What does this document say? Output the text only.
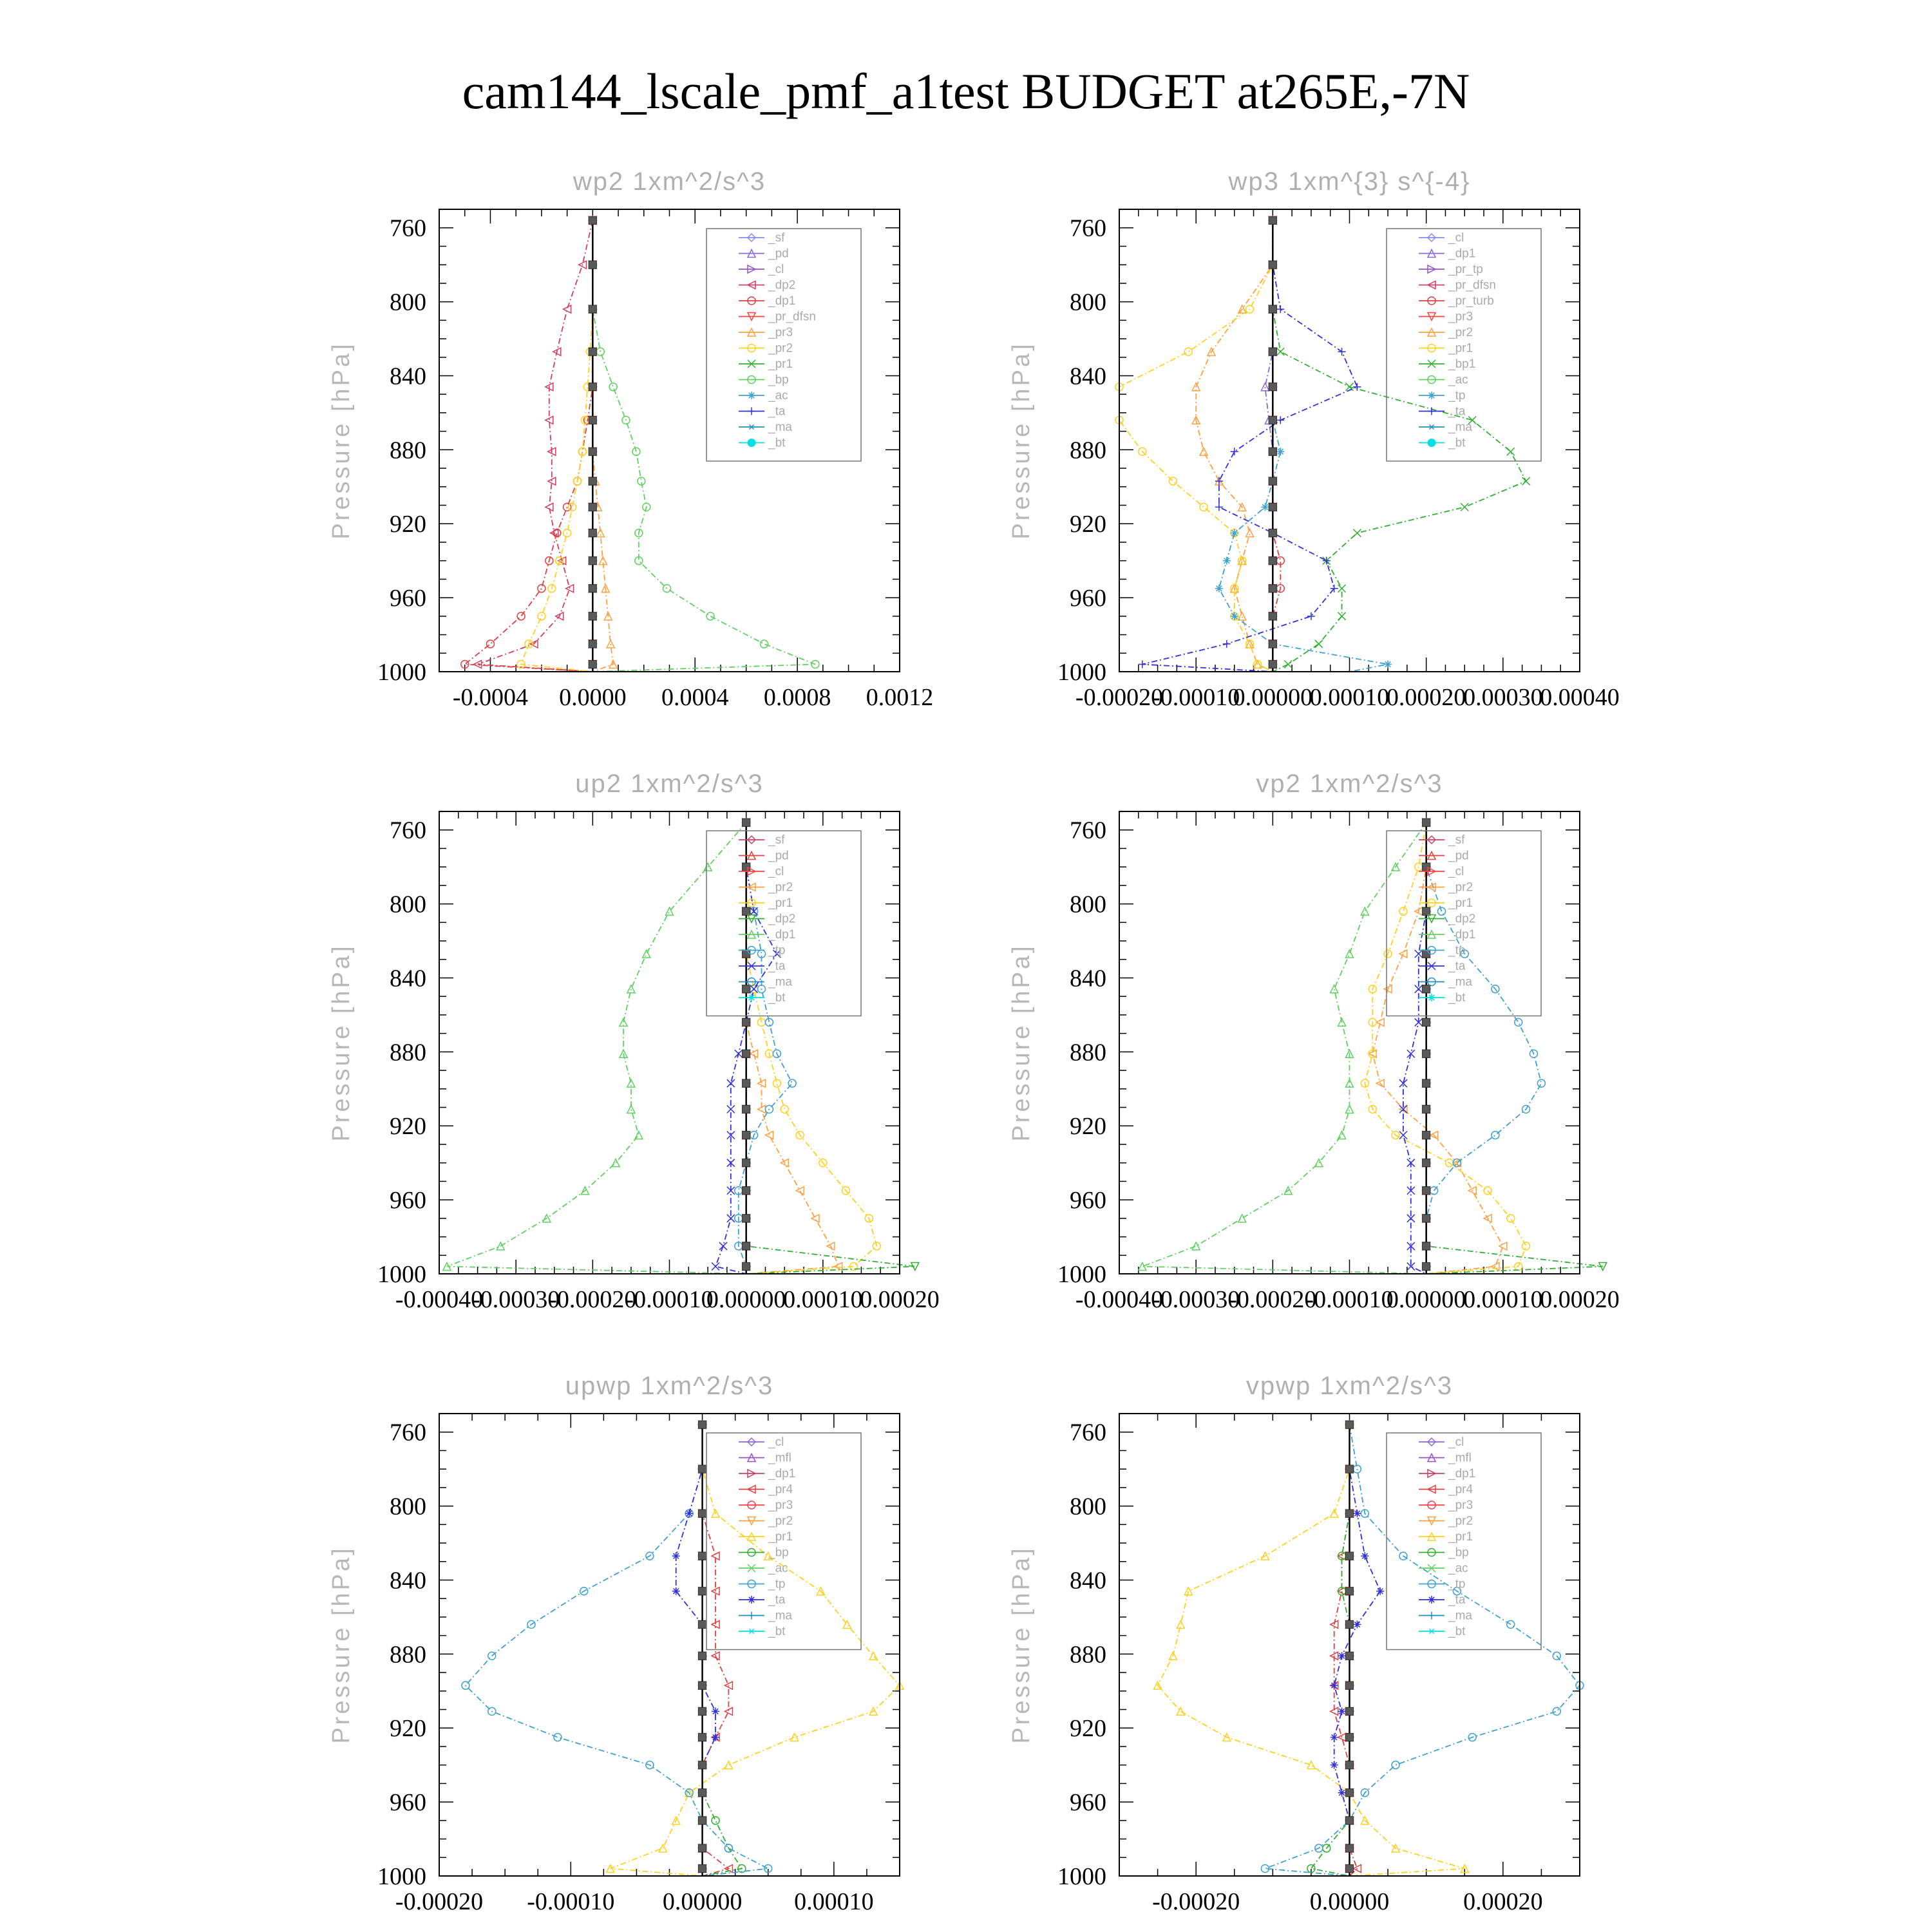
cam144_lscale_pmf_a1test BUDGET at265E,-7N
wp2 1xm^2/s^3
Pressure [hPa]
760
800
840
880
920
960
1000
-0.0004 0.0000 0.0004 0.0008 0.0012
_sf
_pd
_cl
_dp2
_dp1
_pr_dfsn
_pr3
_pr2
_pr1
_bp
_ac
_ta
_ma
_bt
wp3 1xm^{3} s^{-4}
Pressure [hPa]
760
800
840
880
920
960
1000
-0.00020
-0.00010
0.00000
0.00010
0.00020
0.00030
0.00040
_cl
_dp1
_pr_tp
_pr_dfsn
_pr_turb
_pr3
_pr2
_pr1
_bp1
_ac
_tp
_ta
_ma
_bt
up2 1xm^2/s^3
Pressure [hPa]
760
800
840
880
920
960
1000
-0.00040
-0.00030
-0.00020
-0.00010
0.00000
0.00010
0.00020
_sf
_pd
_cl
_pr2
_pr1
_dp2
_dp1
_tp
_ta
_ma
_bt
vp2 1xm^2/s^3
Pressure [hPa]
760
800
840
880
920
960
1000
-0.00040
-0.00030
-0.00020
-0.00010
0.00000
0.00010
0.00020
_sf
_pd
_cl
_pr2
_pr1
_dp2
_dp1
_tp
_ta
_ma
_bt
upwp 1xm^2/s^3
Pressure [hPa]
760
800
840
880
920
960
1000
-0.00020 -0.00010 0.00000 0.00010
_cl
_mfl
_dp1
_pr4
_pr3
_pr2
_pr1
_bp
_ac
_tp
_ta
_ma
_bt
vpwp 1xm^2/s^3
Pressure [hPa]
760
800
840
880
920
960
1000
-0.00020	0.00000	0.00020
_cl
_mfl
_dp1
_pr4
_pr3
_pr2
_pr1
_bp
_ac
_tp
_ta
_ma
_bt
